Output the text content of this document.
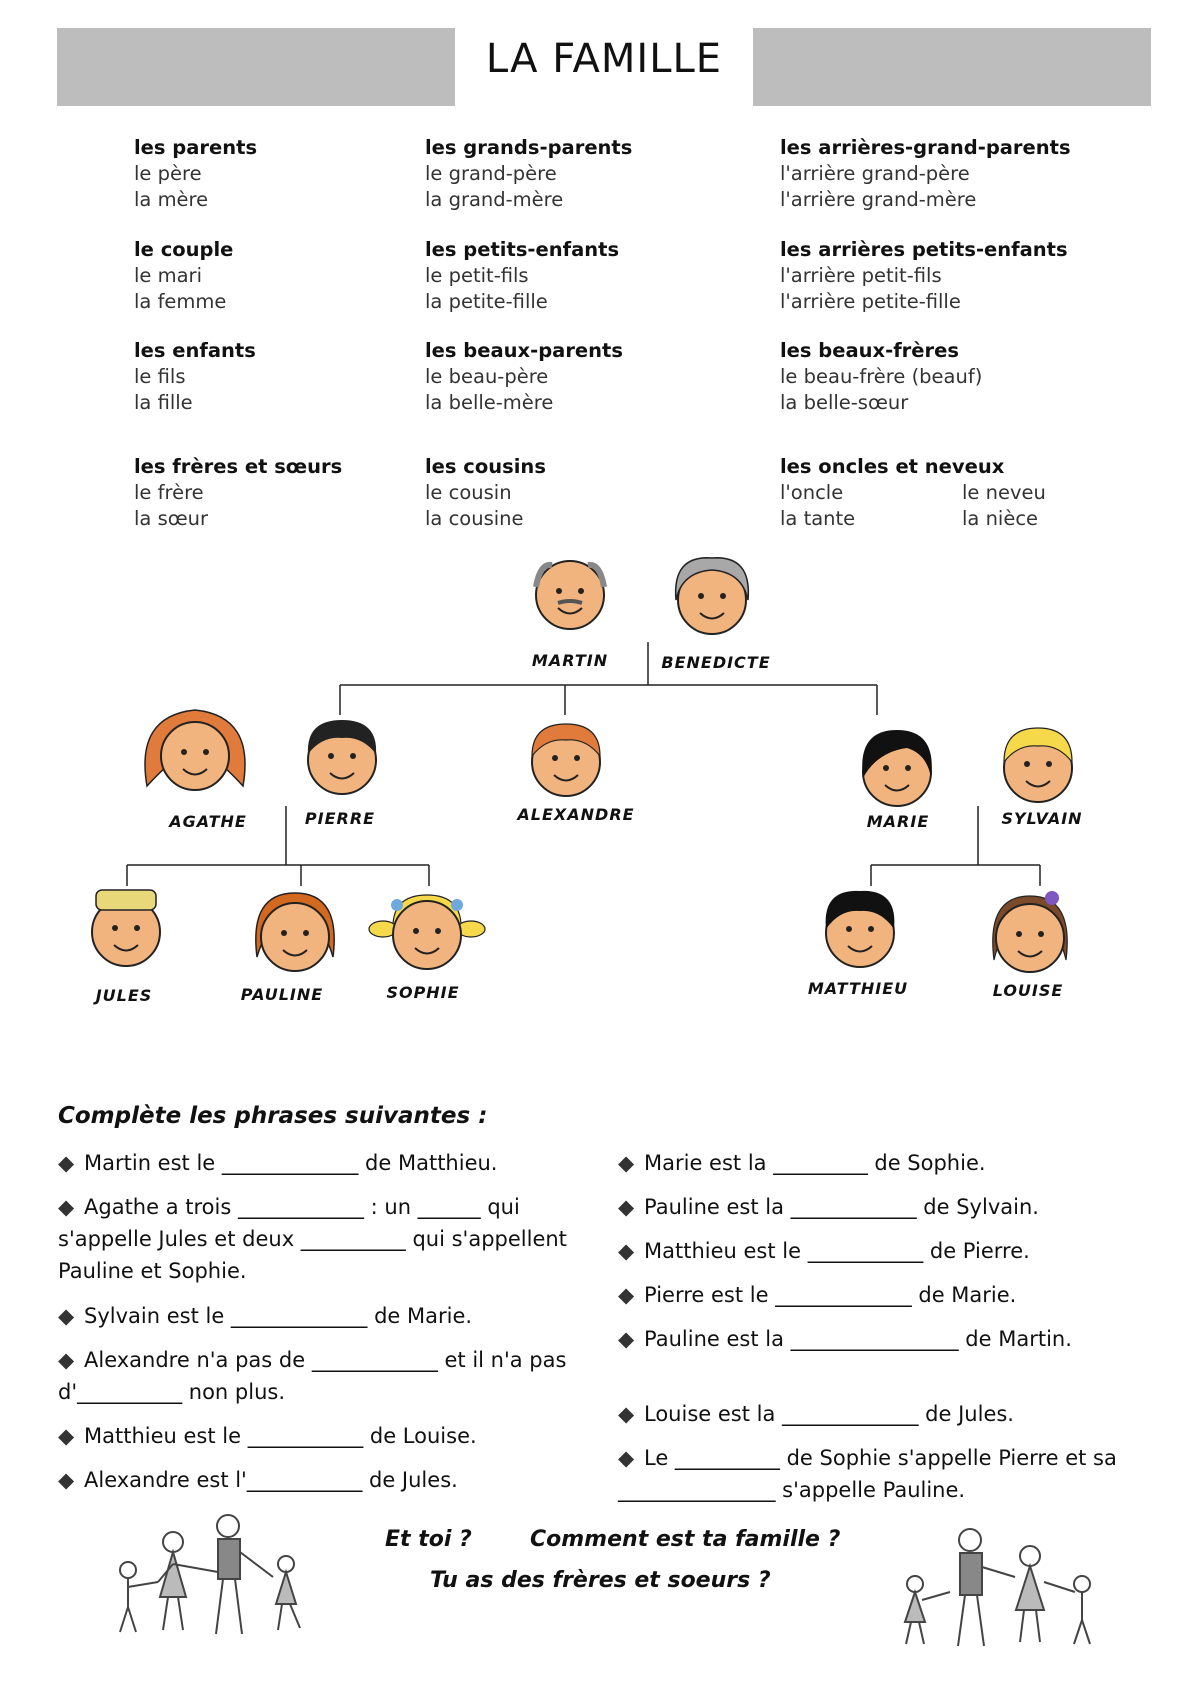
LA FAMILLE
les parents
le père
la mère
les grands-parents
le grand-père
la grand-mère
les arrières-grand-parents
l'arrière grand-père
l'arrière grand-mère
le couple
le mari
la femme
les petits-enfants
le petit-fils
la petite-fille
les arrières petits-enfants
l'arrière petit-fils
l'arrière petite-fille
les enfants
le fils
la fille
les beaux-parents
le beau-père
la belle-mère
les beaux-frères
le beau-frère (beauf)
la belle-sœur
les frères et sœurs
le frère
la sœur
les cousins
le cousin
la cousine
les oncles et neveux
l'oncle	le neveu
la tante	la nièce
MARTIN	BENEDICTE
AGATHE	PIERRE	ALEXANDRE	MARIE	SYLVAIN
JULES	PAULINE	SOPHIE	MATTHIEU	LOUISE
Complète les phrases suivantes :
◆ Martin est le _____________ de Matthieu.
◆ Agathe a trois ____________ : un ______ qui s'appelle Jules et deux __________ qui s'appellent Pauline et Sophie.
◆ Sylvain est le _____________ de Marie.
◆ Alexandre n'a pas de ____________ et il n'a pas d'__________ non plus.
◆ Matthieu est le ___________ de Louise.
◆ Alexandre est l'___________ de Jules.
◆ Marie est la _________ de Sophie.
◆ Pauline est la ____________ de Sylvain.
◆ Matthieu est le ___________ de Pierre.
◆ Pierre est le _____________ de Marie.
◆ Pauline est la ________________ de Martin.
◆ Louise est la _____________ de Jules.
◆ Le __________ de Sophie s'appelle Pierre et sa _______________ s'appelle Pauline.
Et toi ?	Comment est ta famille ?
Tu as des frères et soeurs ?
